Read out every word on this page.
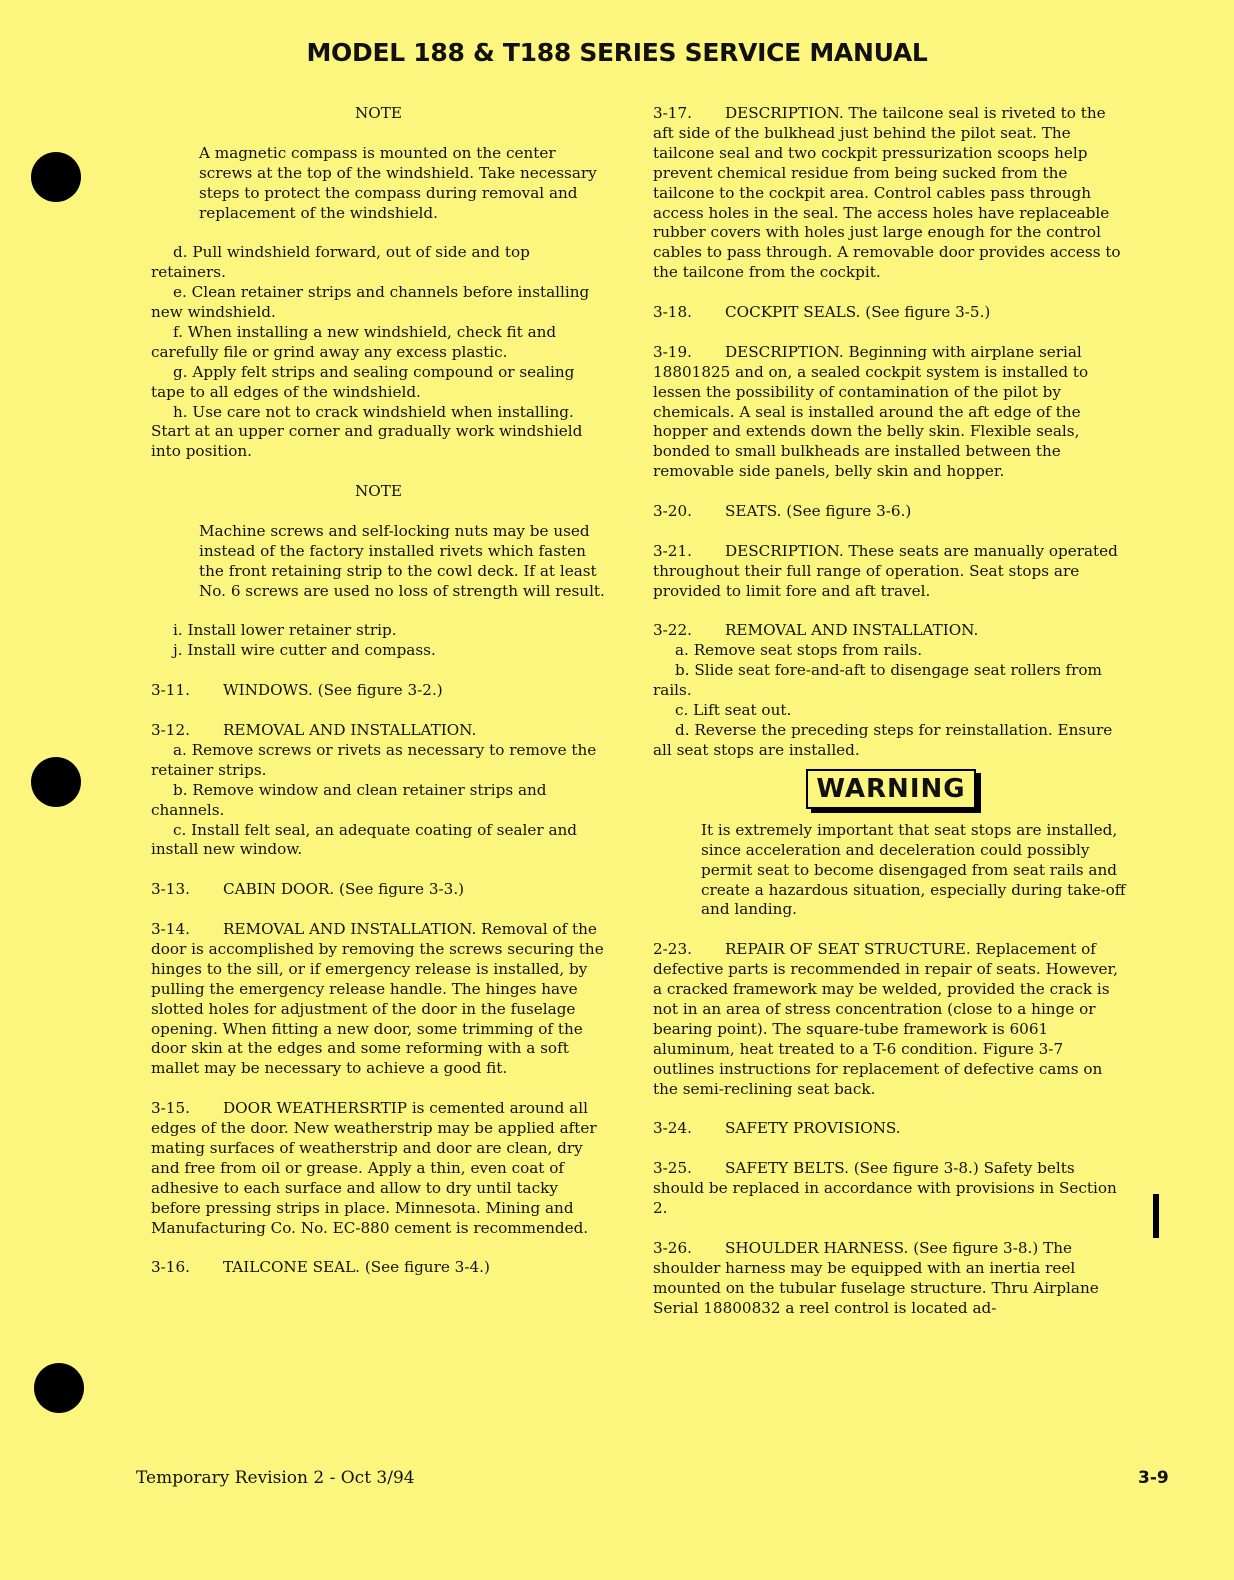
MODEL 188 & T188 SERIES SERVICE MANUAL
NOTE
A magnetic compass is mounted on the center screws at the top of the windshield. Take necessary steps to protect the compass during removal and replacement of the windshield.
d. Pull windshield forward, out of side and top retainers.
e. Clean retainer strips and channels before installing new windshield.
f. When installing a new windshield, check fit and carefully file or grind away any excess plastic.
g. Apply felt strips and sealing compound or sealing tape to all edges of the windshield.
h. Use care not to crack windshield when installing. Start at an upper corner and gradually work windshield into position.
NOTE
Machine screws and self-locking nuts may be used instead of the factory installed rivets which fasten the front retaining strip to the cowl deck. If at least No. 6 screws are used no loss of strength will result.
i. Install lower retainer strip.
j. Install wire cutter and compass.
3-11. WINDOWS. (See figure 3-2.)
3-12. REMOVAL AND INSTALLATION.
a. Remove screws or rivets as necessary to remove the retainer strips.
b. Remove window and clean retainer strips and channels.
c. Install felt seal, an adequate coating of sealer and install new window.
3-13. CABIN DOOR. (See figure 3-3.)
3-14. REMOVAL AND INSTALLATION. Removal of the door is accomplished by removing the screws securing the hinges to the sill, or if emergency release is installed, by pulling the emergency release handle. The hinges have slotted holes for adjustment of the door in the fuselage opening. When fitting a new door, some trimming of the door skin at the edges and some reforming with a soft mallet may be necessary to achieve a good fit.
3-15. DOOR WEATHERSRTIP is cemented around all edges of the door. New weatherstrip may be applied after mating surfaces of weatherstrip and door are clean, dry and free from oil or grease. Apply a thin, even coat of adhesive to each surface and allow to dry until tacky before pressing strips in place. Minnesota. Mining and Manufacturing Co. No. EC-880 cement is recommended.
3-16. TAILCONE SEAL. (See figure 3-4.)
3-17. DESCRIPTION. The tailcone seal is riveted to the aft side of the bulkhead just behind the pilot seat. The tailcone seal and two cockpit pressurization scoops help prevent chemical residue from being sucked from the tailcone to the cockpit area. Control cables pass through access holes in the seal. The access holes have replaceable rubber covers with holes just large enough for the control cables to pass through. A removable door provides access to the tailcone from the cockpit.
3-18. COCKPIT SEALS. (See figure 3-5.)
3-19. DESCRIPTION. Beginning with airplane serial 18801825 and on, a sealed cockpit system is installed to lessen the possibility of contamination of the pilot by chemicals. A seal is installed around the aft edge of the hopper and extends down the belly skin. Flexible seals, bonded to small bulkheads are installed between the removable side panels, belly skin and hopper.
3-20. SEATS. (See figure 3-6.)
3-21. DESCRIPTION. These seats are manually operated throughout their full range of operation. Seat stops are provided to limit fore and aft travel.
3-22. REMOVAL AND INSTALLATION.
a. Remove seat stops from rails.
b. Slide seat fore-and-aft to disengage seat rollers from rails.
c. Lift seat out.
d. Reverse the preceding steps for reinstallation. Ensure all seat stops are installed.
WARNING
It is extremely important that seat stops are installed, since acceleration and deceleration could possibly permit seat to become disengaged from seat rails and create a hazardous situation, especially during take-off and landing.
2-23. REPAIR OF SEAT STRUCTURE. Replacement of defective parts is recommended in repair of seats. However, a cracked framework may be welded, provided the crack is not in an area of stress concentration (close to a hinge or bearing point). The square-tube framework is 6061 aluminum, heat treated to a T-6 condition. Figure 3-7 outlines instructions for replacement of defective cams on the semi-reclining seat back.
3-24. SAFETY PROVISIONS.
3-25. SAFETY BELTS. (See figure 3-8.) Safety belts should be replaced in accordance with provisions in Section 2.
3-26. SHOULDER HARNESS. (See figure 3-8.) The shoulder harness may be equipped with an inertia reel mounted on the tubular fuselage structure. Thru Airplane Serial 18800832 a reel control is located ad-
Temporary Revision 2 - Oct 3/94	3-9
